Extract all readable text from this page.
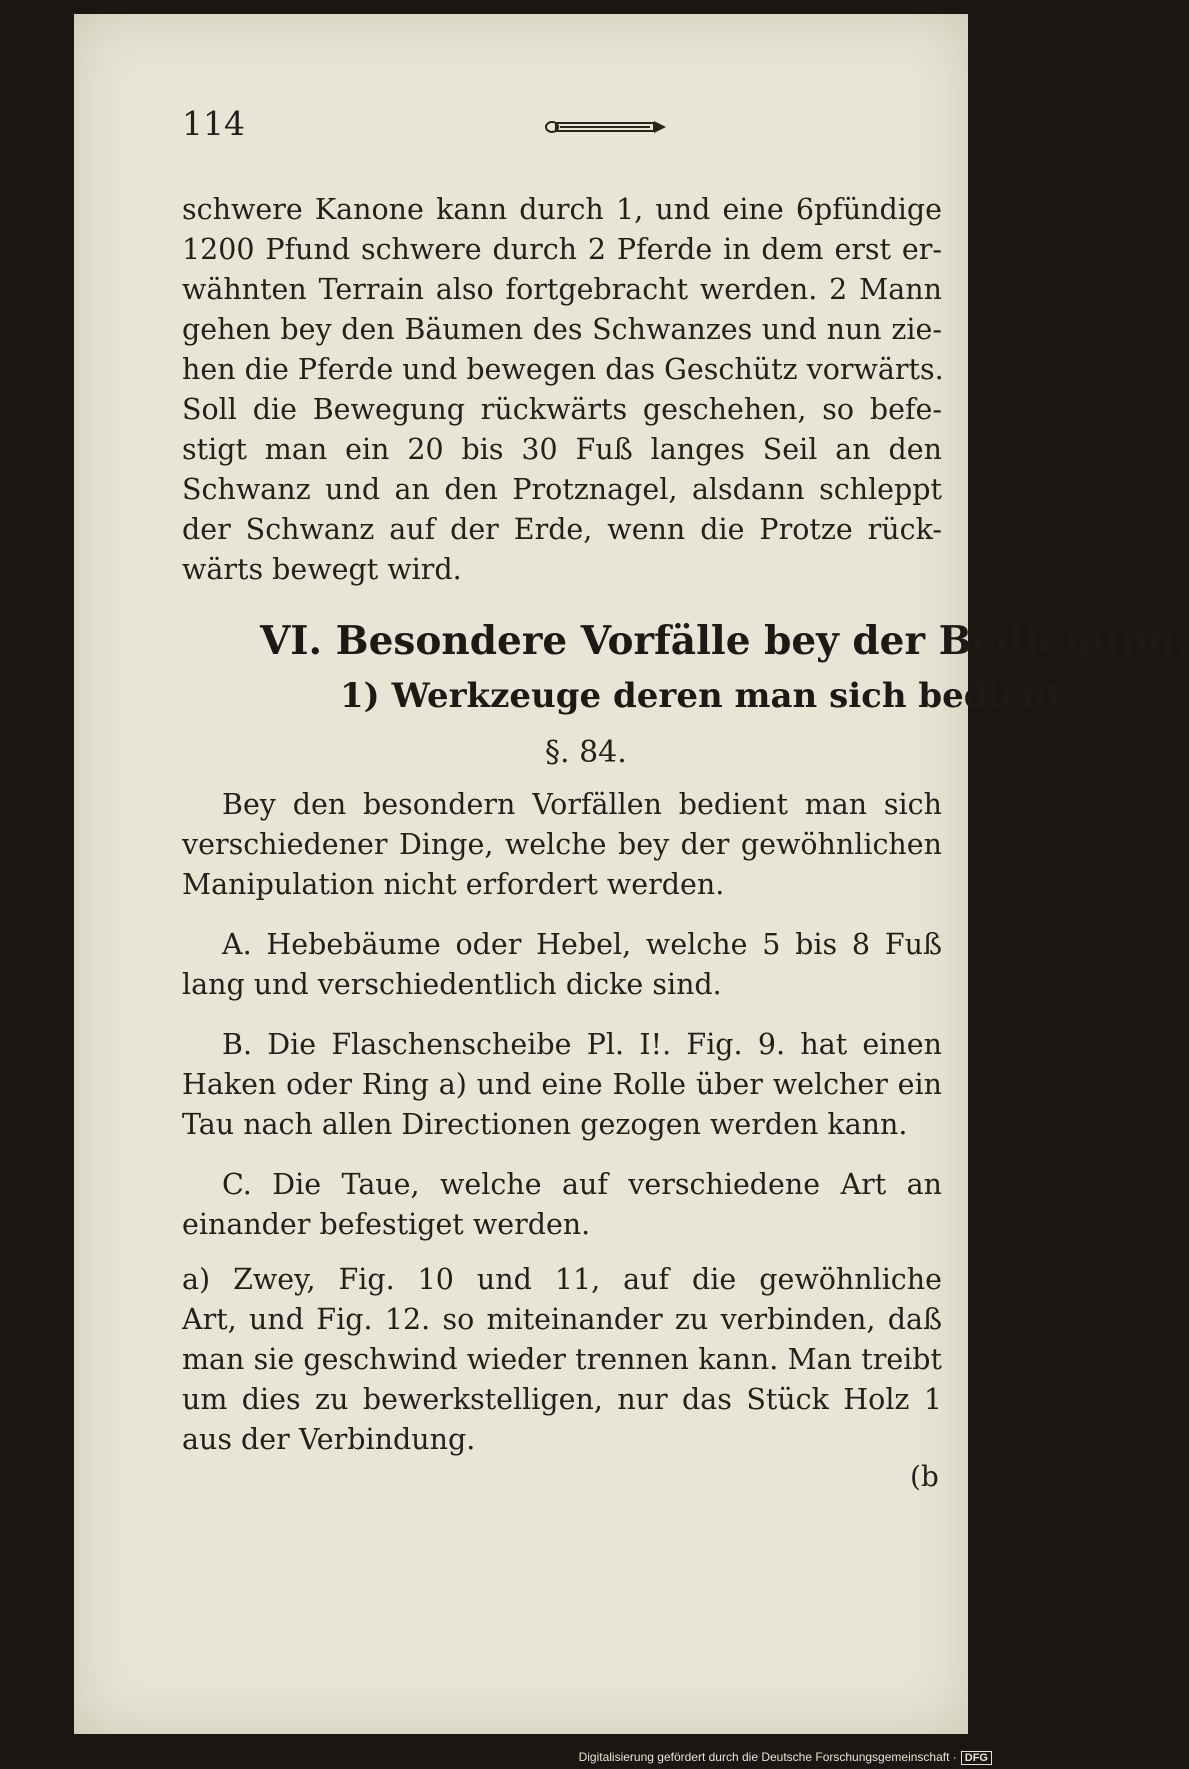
114
schwere Kanone kann durch 1, und eine 6pfündige
1200 Pfund schwere durch 2 Pferde in dem erst er-
wähnten Terrain also fortgebracht werden. 2 Mann
gehen bey den Bäumen des Schwanzes und nun zie-
hen die Pferde und bewegen das Geschütz vorwärts.
Soll die Bewegung rückwärts geschehen, so befe-
stigt man ein 20 bis 30 Fuß langes Seil an den
Schwanz und an den Protznagel, alsdann schleppt
der Schwanz auf der Erde, wenn die Protze rück-
wärts bewegt wird.
VI. Besondere Vorfälle bey der Bedienung.
1) Werkzeuge deren man sich bedient.
§. 84.
Bey den besondern Vorfällen bedient man sich
verschiedener Dinge, welche bey der gewöhnlichen
Manipulation nicht erfordert werden.
A. Hebebäume oder Hebel, welche 5 bis 8 Fuß
lang und verschiedentlich dicke sind.
B. Die Flaschenscheibe Pl. I!. Fig. 9. hat einen
Haken oder Ring a) und eine Rolle über welcher ein
Tau nach allen Directionen gezogen werden kann.
C. Die Taue, welche auf verschiedene Art an
einander befestiget werden.
a) Zwey, Fig. 10 und 11, auf die gewöhnliche
Art, und Fig. 12. so miteinander zu verbinden, daß
man sie geschwind wieder trennen kann. Man treibt
um dies zu bewerkstelligen, nur das Stück Holz 1
aus der Verbindung.
(b
Digitalisierung gefördert durch die Deutsche Forschungsgemeinschaft · DFG
